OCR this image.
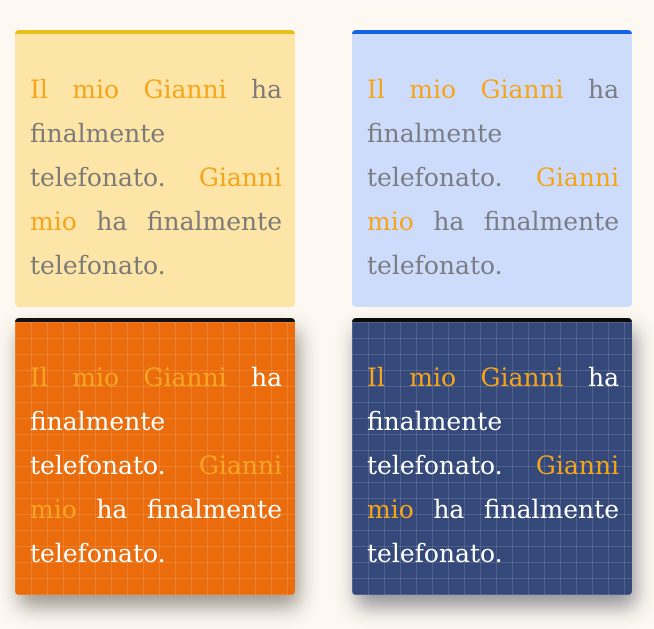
Il mio Gianni ha finalmente telefonato. Gianni mio ha finalmente telefonato.

Il mio Gianni ha finalmente telefonato. Gianni mio ha finalmente telefonato.

Il mio Gianni ha finalmente telefonato. Gianni mio ha finalmente telefonato.

Il mio Gianni ha finalmente telefonato. Gianni mio ha finalmente telefonato.
